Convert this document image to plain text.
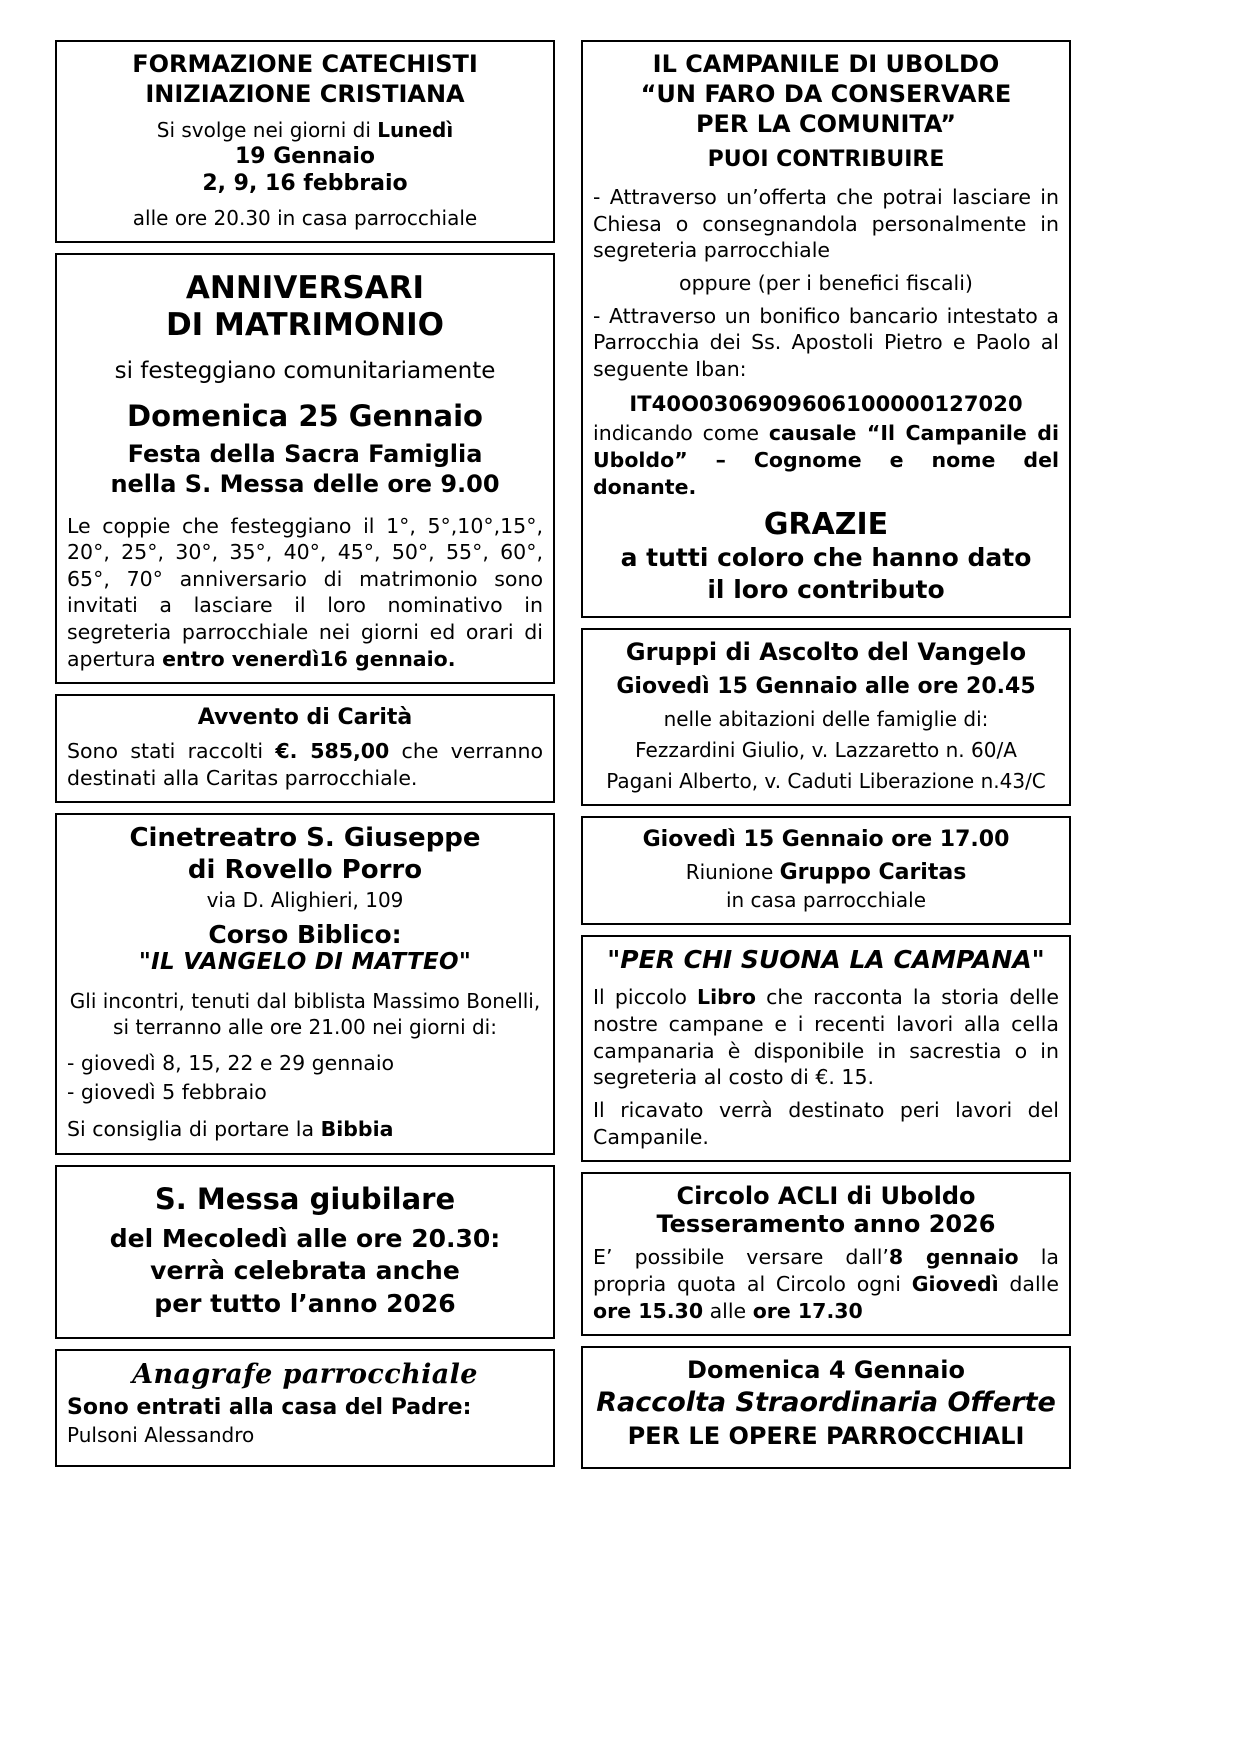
FORMAZIONE CATECHISTI
INIZIAZIONE CRISTIANA
Si svolge nei giorni di Lunedì
19 Gennaio
2, 9, 16 febbraio
alle ore 20.30 in casa parrocchiale
ANNIVERSARI
DI MATRIMONIO
si festeggiano comunitariamente
Domenica 25 Gennaio
Festa della Sacra Famiglia
nella S. Messa delle ore 9.00

Le coppie che festeggiano il 1°, 5°,10°,15°, 20°, 25°, 30°, 35°, 40°, 45°, 50°, 55°, 60°, 65°, 70° anniversario di matrimonio sono invitati a lasciare il loro nominativo in segreteria parrocchiale nei giorni ed orari di apertura entro venerdì16 gennaio.

Avvento di Carità

Sono stati raccolti €. 585,00 che verranno destinati alla Caritas parrocchiale.

Cinetreatro S. Giuseppe
di Rovello Porro
via D. Alighieri, 109
Corso Biblico:
"IL VANGELO DI MATTEO"
Gli incontri, tenuti dal biblista Massimo Bonelli,
si terranno alle ore 21.00 nei giorni di:

- giovedì 8, 15, 22 e 29 gennaio

- giovedì 5 febbraio

Si consiglia di portare la Bibbia

S. Messa giubilare
del Mecoledì alle ore 20.30:
verrà celebrata anche
per tutto l’anno 2026
Anagrafe parrocchiale
Sono entrati alla casa del Padre:
Pulsoni Alessandro
IL CAMPANILE DI UBOLDO
“UN FARO DA CONSERVARE
PER LA COMUNITA”
PUOI CONTRIBUIRE

- Attraverso un’offerta che potrai lasciare in Chiesa o consegnandola personalmente in segreteria parrocchiale

oppure (per i benefici fiscali)

- Attraverso un bonifico bancario intestato a Parrocchia dei Ss. Apostoli Pietro e Paolo al seguente Iban:

IT40O0306909606100000127020

indicando come causale “Il Campanile di Uboldo” – Cognome e nome del donante.

GRAZIE
a tutti coloro che hanno dato
il loro contributo
Gruppi di Ascolto del Vangelo
Giovedì 15 Gennaio alle ore 20.45
nelle abitazioni delle famiglie di:
Fezzardini Giulio, v. Lazzaretto n. 60/A
Pagani Alberto, v. Caduti Liberazione n.43/C
Giovedì 15 Gennaio ore 17.00
Riunione Gruppo Caritas
in casa parrocchiale
"PER CHI SUONA LA CAMPANA"

Il piccolo Libro che racconta la storia delle nostre campane e i recenti lavori alla cella campanaria è disponibile in sacrestia o in segreteria al costo di €. 15.

Il ricavato verrà destinato peri lavori del Campanile.

Circolo ACLI di Uboldo
Tesseramento anno 2026

E’ possibile versare dall’8 gennaio la propria quota al Circolo ogni Giovedì dalle ore 15.30 alle ore 17.30

Domenica 4 Gennaio
Raccolta Straordinaria Offerte
PER LE OPERE PARROCCHIALI
